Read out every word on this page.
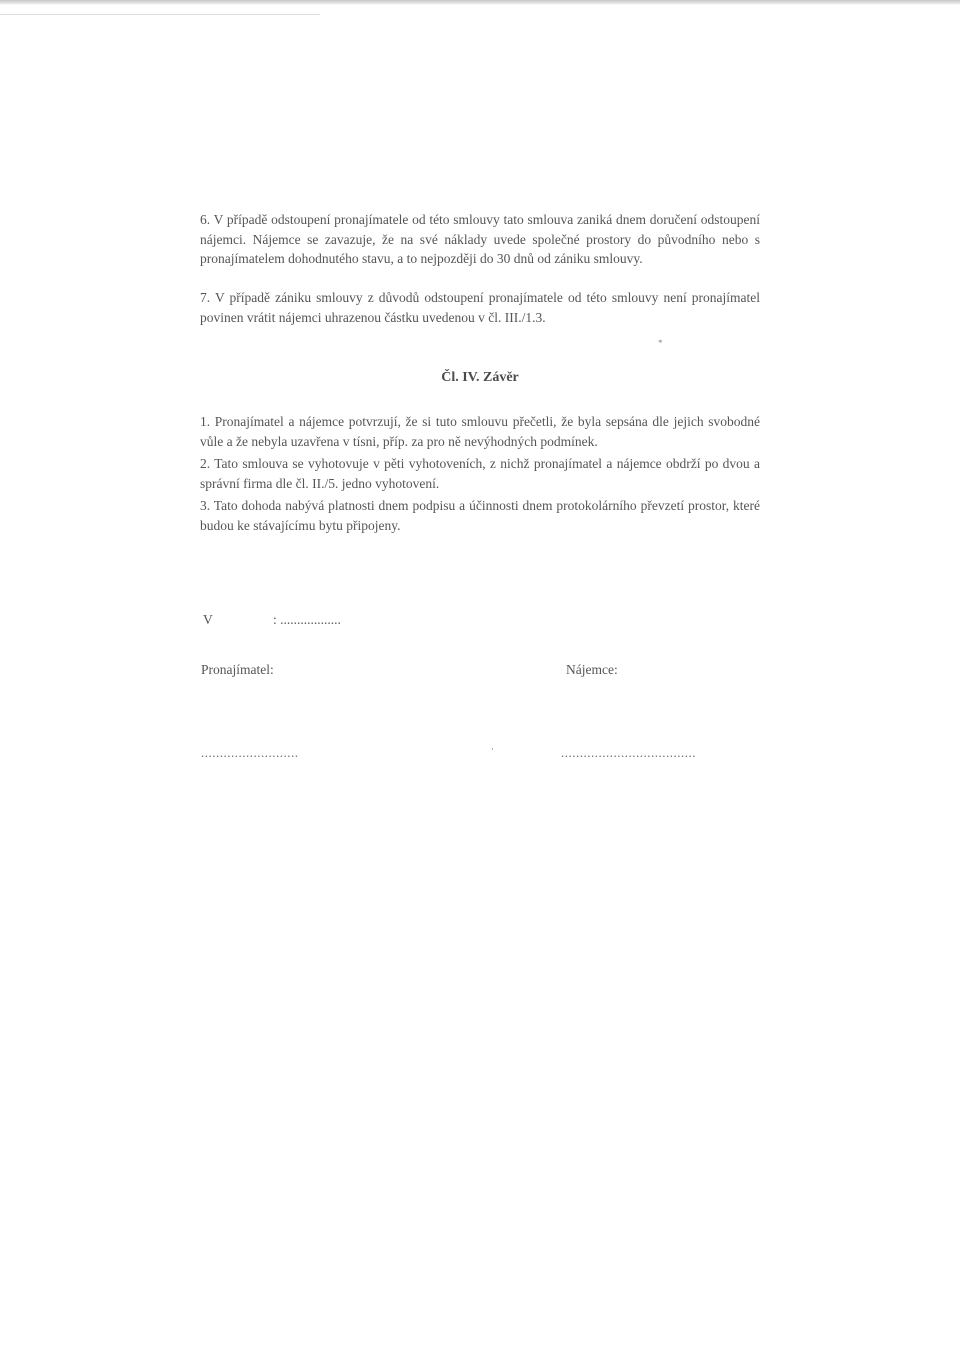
6. V případě odstoupení pronajímatele od této smlouvy tato smlouva zaniká dnem doručení odstoupení nájemci. Nájemce se zavazuje, že na své náklady uvede společné prostory do původního nebo s pronajímatelem dohodnutého stavu, a to nejpozději do 30 dnů od zániku smlouvy.

7. V případě zániku smlouvy z důvodů odstoupení pronajímatele od této smlouvy není pronajímatel povinen vrátit nájemci uhrazenou částku uvedenou v čl. III./1.3.

*
Čl. IV. Závěr

1. Pronajímatel a nájemce potvrzují, že si tuto smlouvu přečetli, že byla sepsána dle jejich svobodné vůle a že nebyla uzavřena v tísni, příp. za pro ně nevýhodných podmínek.

2. Tato smlouva se vyhotovuje v pěti vyhotoveních, z nichž pronajímatel a nájemce obdrží po dvou a správní firma dle čl. II./5. jedno vyhotovení.

3. Tato dohoda nabývá platnosti dnem podpisu a účinnosti dnem protokolárního převzetí prostor, které budou ke stávajícímu bytu připojeny.

V	: ..................
Pronajímatel:	Nájemce:
..........................	....................................
